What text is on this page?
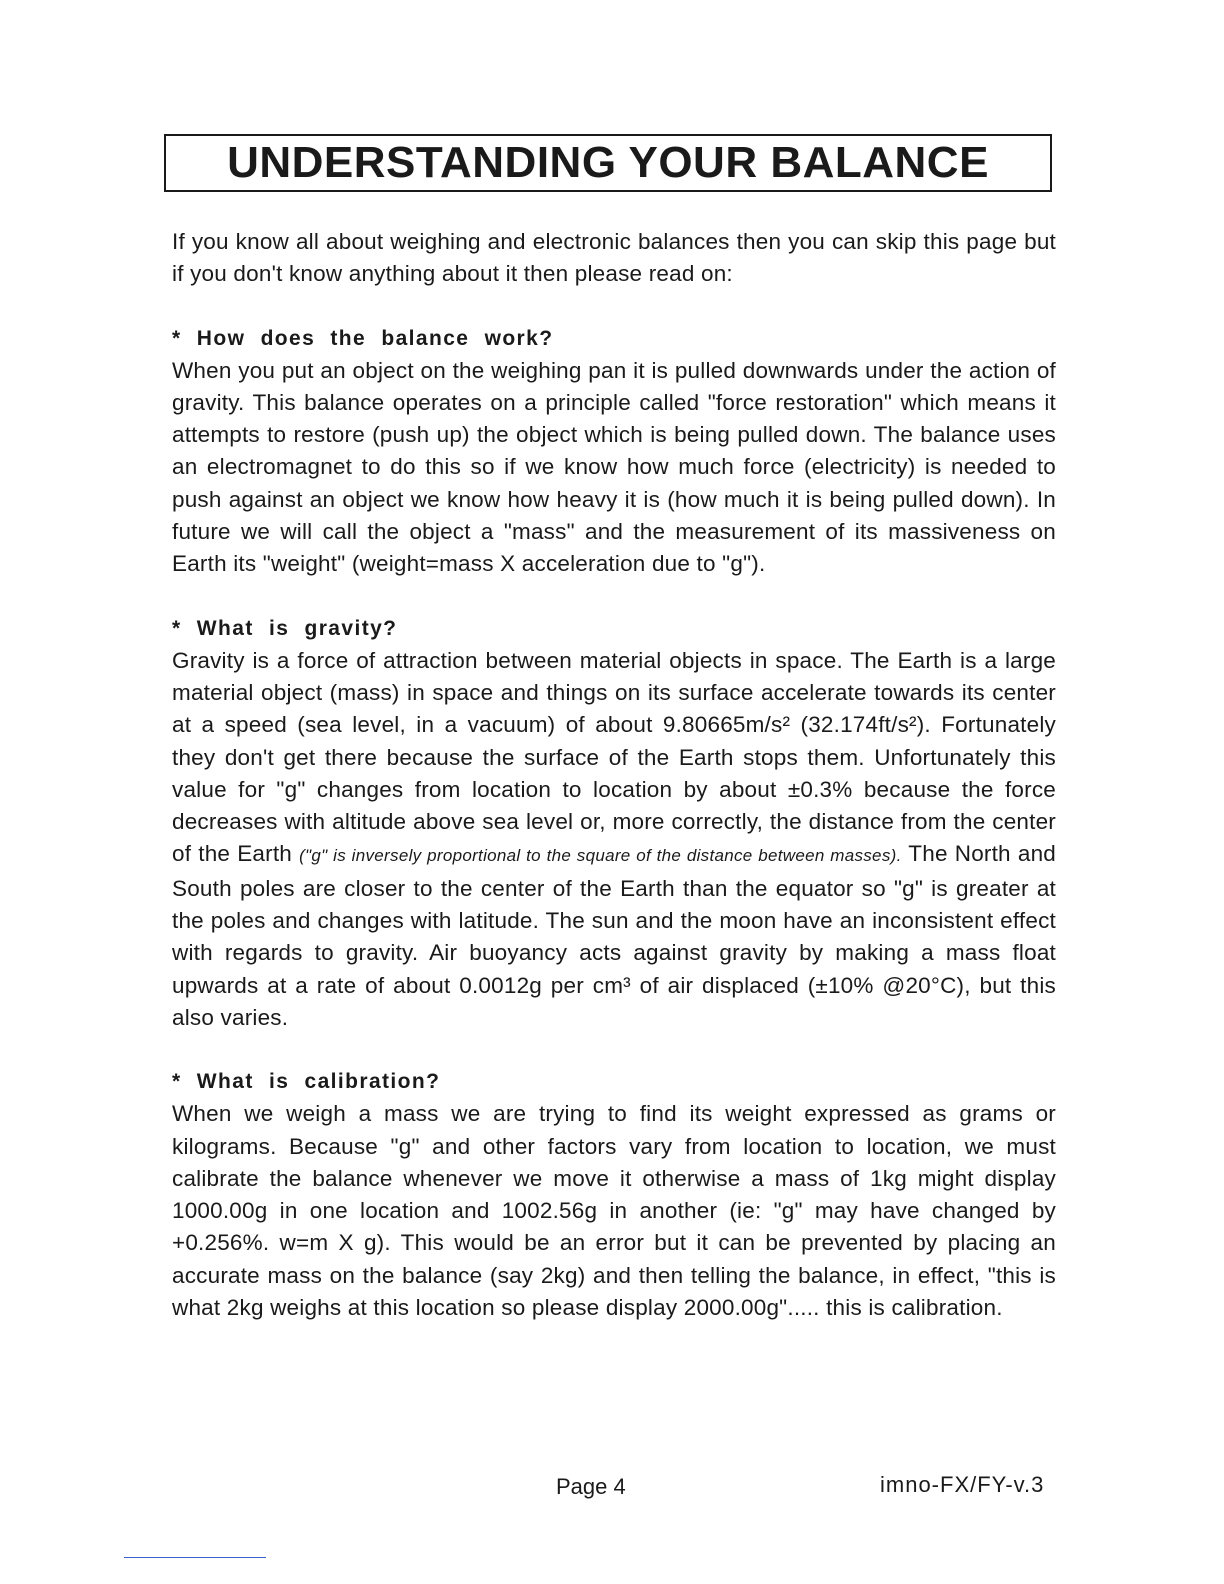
UNDERSTANDING YOUR BALANCE

If you know all about weighing and electronic balances then you can skip this page but if you don't know anything about it then please read on:

* How does the balance work?

When you put an object on the weighing pan it is pulled downwards under the action of gravity. This balance operates on a principle called "force restoration" which means it attempts to restore (push up) the object which is being pulled down. The balance uses an electromagnet to do this so if we know how much force (electricity) is needed to push against an object we know how heavy it is (how much it is being pulled down). In future we will call the object a "mass" and the measurement of its massiveness on Earth its "weight" (weight=mass X acceleration due to "g").

* What is gravity?

Gravity is a force of attraction between material objects in space. The Earth is a large material object (mass) in space and things on its surface accelerate towards its center at a speed (sea level, in a vacuum) of about 9.80665m/s² (32.174ft/s²). Fortunately they don't get there because the surface of the Earth stops them. Unfortunately this value for "g" changes from location to location by about ±0.3% because the force decreases with altitude above sea level or, more correctly, the distance from the center of the Earth ("g" is inversely proportional to the square of the distance between masses). The North and South poles are closer to the center of the Earth than the equator so "g" is greater at the poles and changes with latitude. The sun and the moon have an inconsistent effect with regards to gravity. Air buoyancy acts against gravity by making a mass float upwards at a rate of about 0.0012g per cm³ of air displaced (±10% @20°C), but this also varies.

* What is calibration?

When we weigh a mass we are trying to find its weight expressed as grams or kilograms. Because "g" and other factors vary from location to location, we must calibrate the balance whenever we move it otherwise a mass of 1kg might display 1000.00g in one location and 1002.56g in another (ie: "g" may have changed by +0.256%. w=m X g). This would be an error but it can be prevented by placing an accurate mass on the balance (say 2kg) and then telling the balance, in effect, "this is what 2kg weighs at this location so please display 2000.00g"..... this is calibration.

Page 4	imno-FX/FY-v.3
